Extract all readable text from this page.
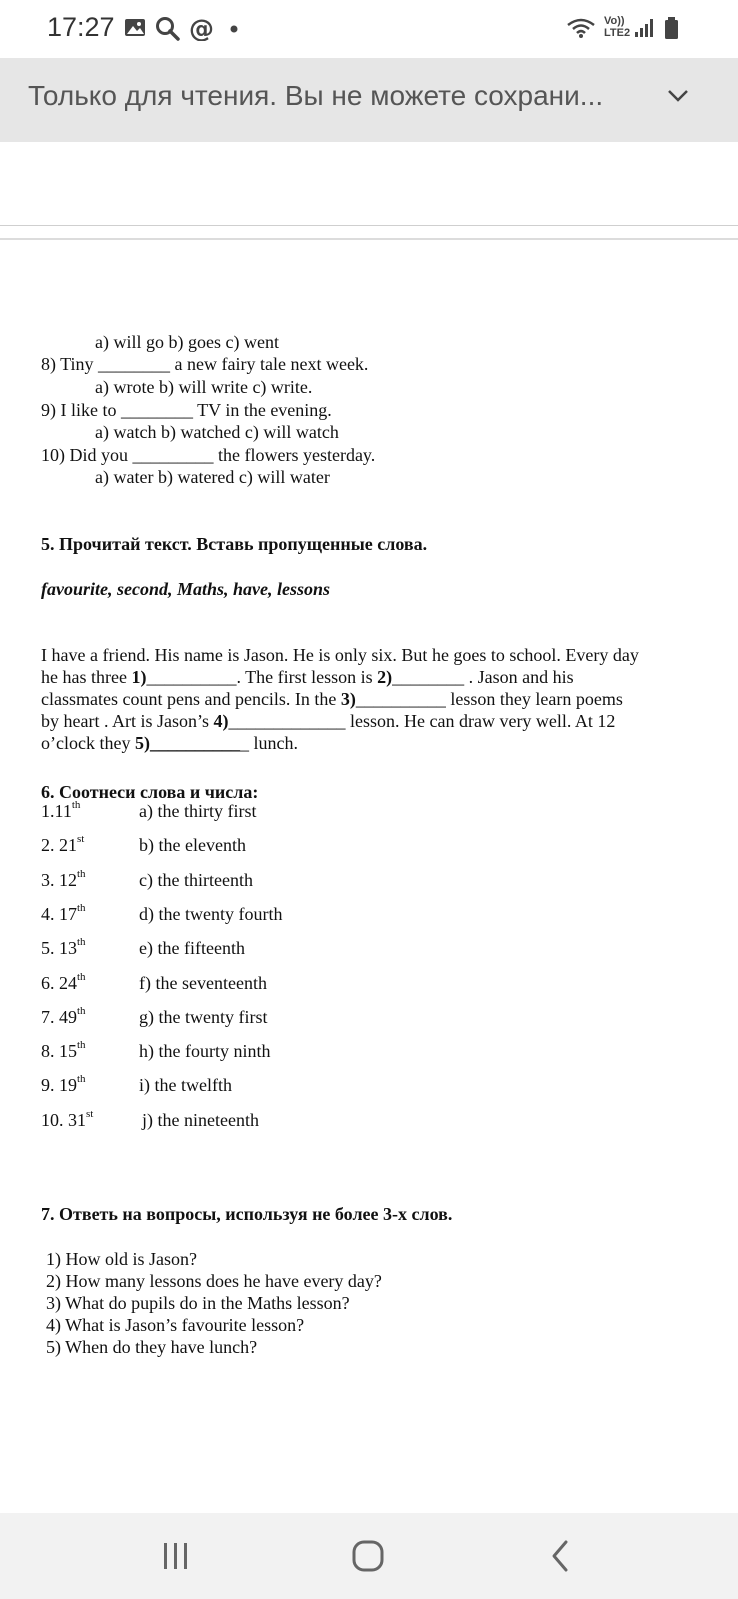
17:27	@	Vo))
LTE2
Только для чтения. Вы не можете сохрани...
a) will go b) goes c) went
8) Tiny ________ a new fairy tale next week.
a) wrote b) will write c) write.
9) I like to ________ TV in the evening.
a) watch b) watched c) will watch
10) Did you _________ the flowers yesterday.
a) water b) watered c) will water
5. Прочитай текст. Вставь пропущенные слова.
favourite, second, Maths, have, lessons
I have a friend. His name is Jason. He is only six. But he goes to school. Every day
he has three 1)__________. The first lesson is 2)________ . Jason and his
classmates count pens and pencils. In the 3)__________ lesson they learn poems
by heart . Art is Jason’s 4)_____________ lesson. He can draw very well. At 12
o’clock they 5)___________ lunch.
6. Соотнеси слова и числа:
1.11th	a) the thirty first
2. 21st	b) the eleventh
3. 12th	c) the thirteenth
4. 17th	d) the twenty fourth
5. 13th	e) the fifteenth
6. 24th	f) the seventeenth
7. 49th	g) the twenty first
8. 15th	h) the fourty ninth
9. 19th	i) the twelfth
10. 31st	j) the nineteenth
7. Ответь на вопросы, используя не более 3-х слов.
1) How old is Jason?
2) How many lessons does he have every day?
3) What do pupils do in the Maths lesson?
4) What is Jason’s favourite lesson?
5) When do they have lunch?
